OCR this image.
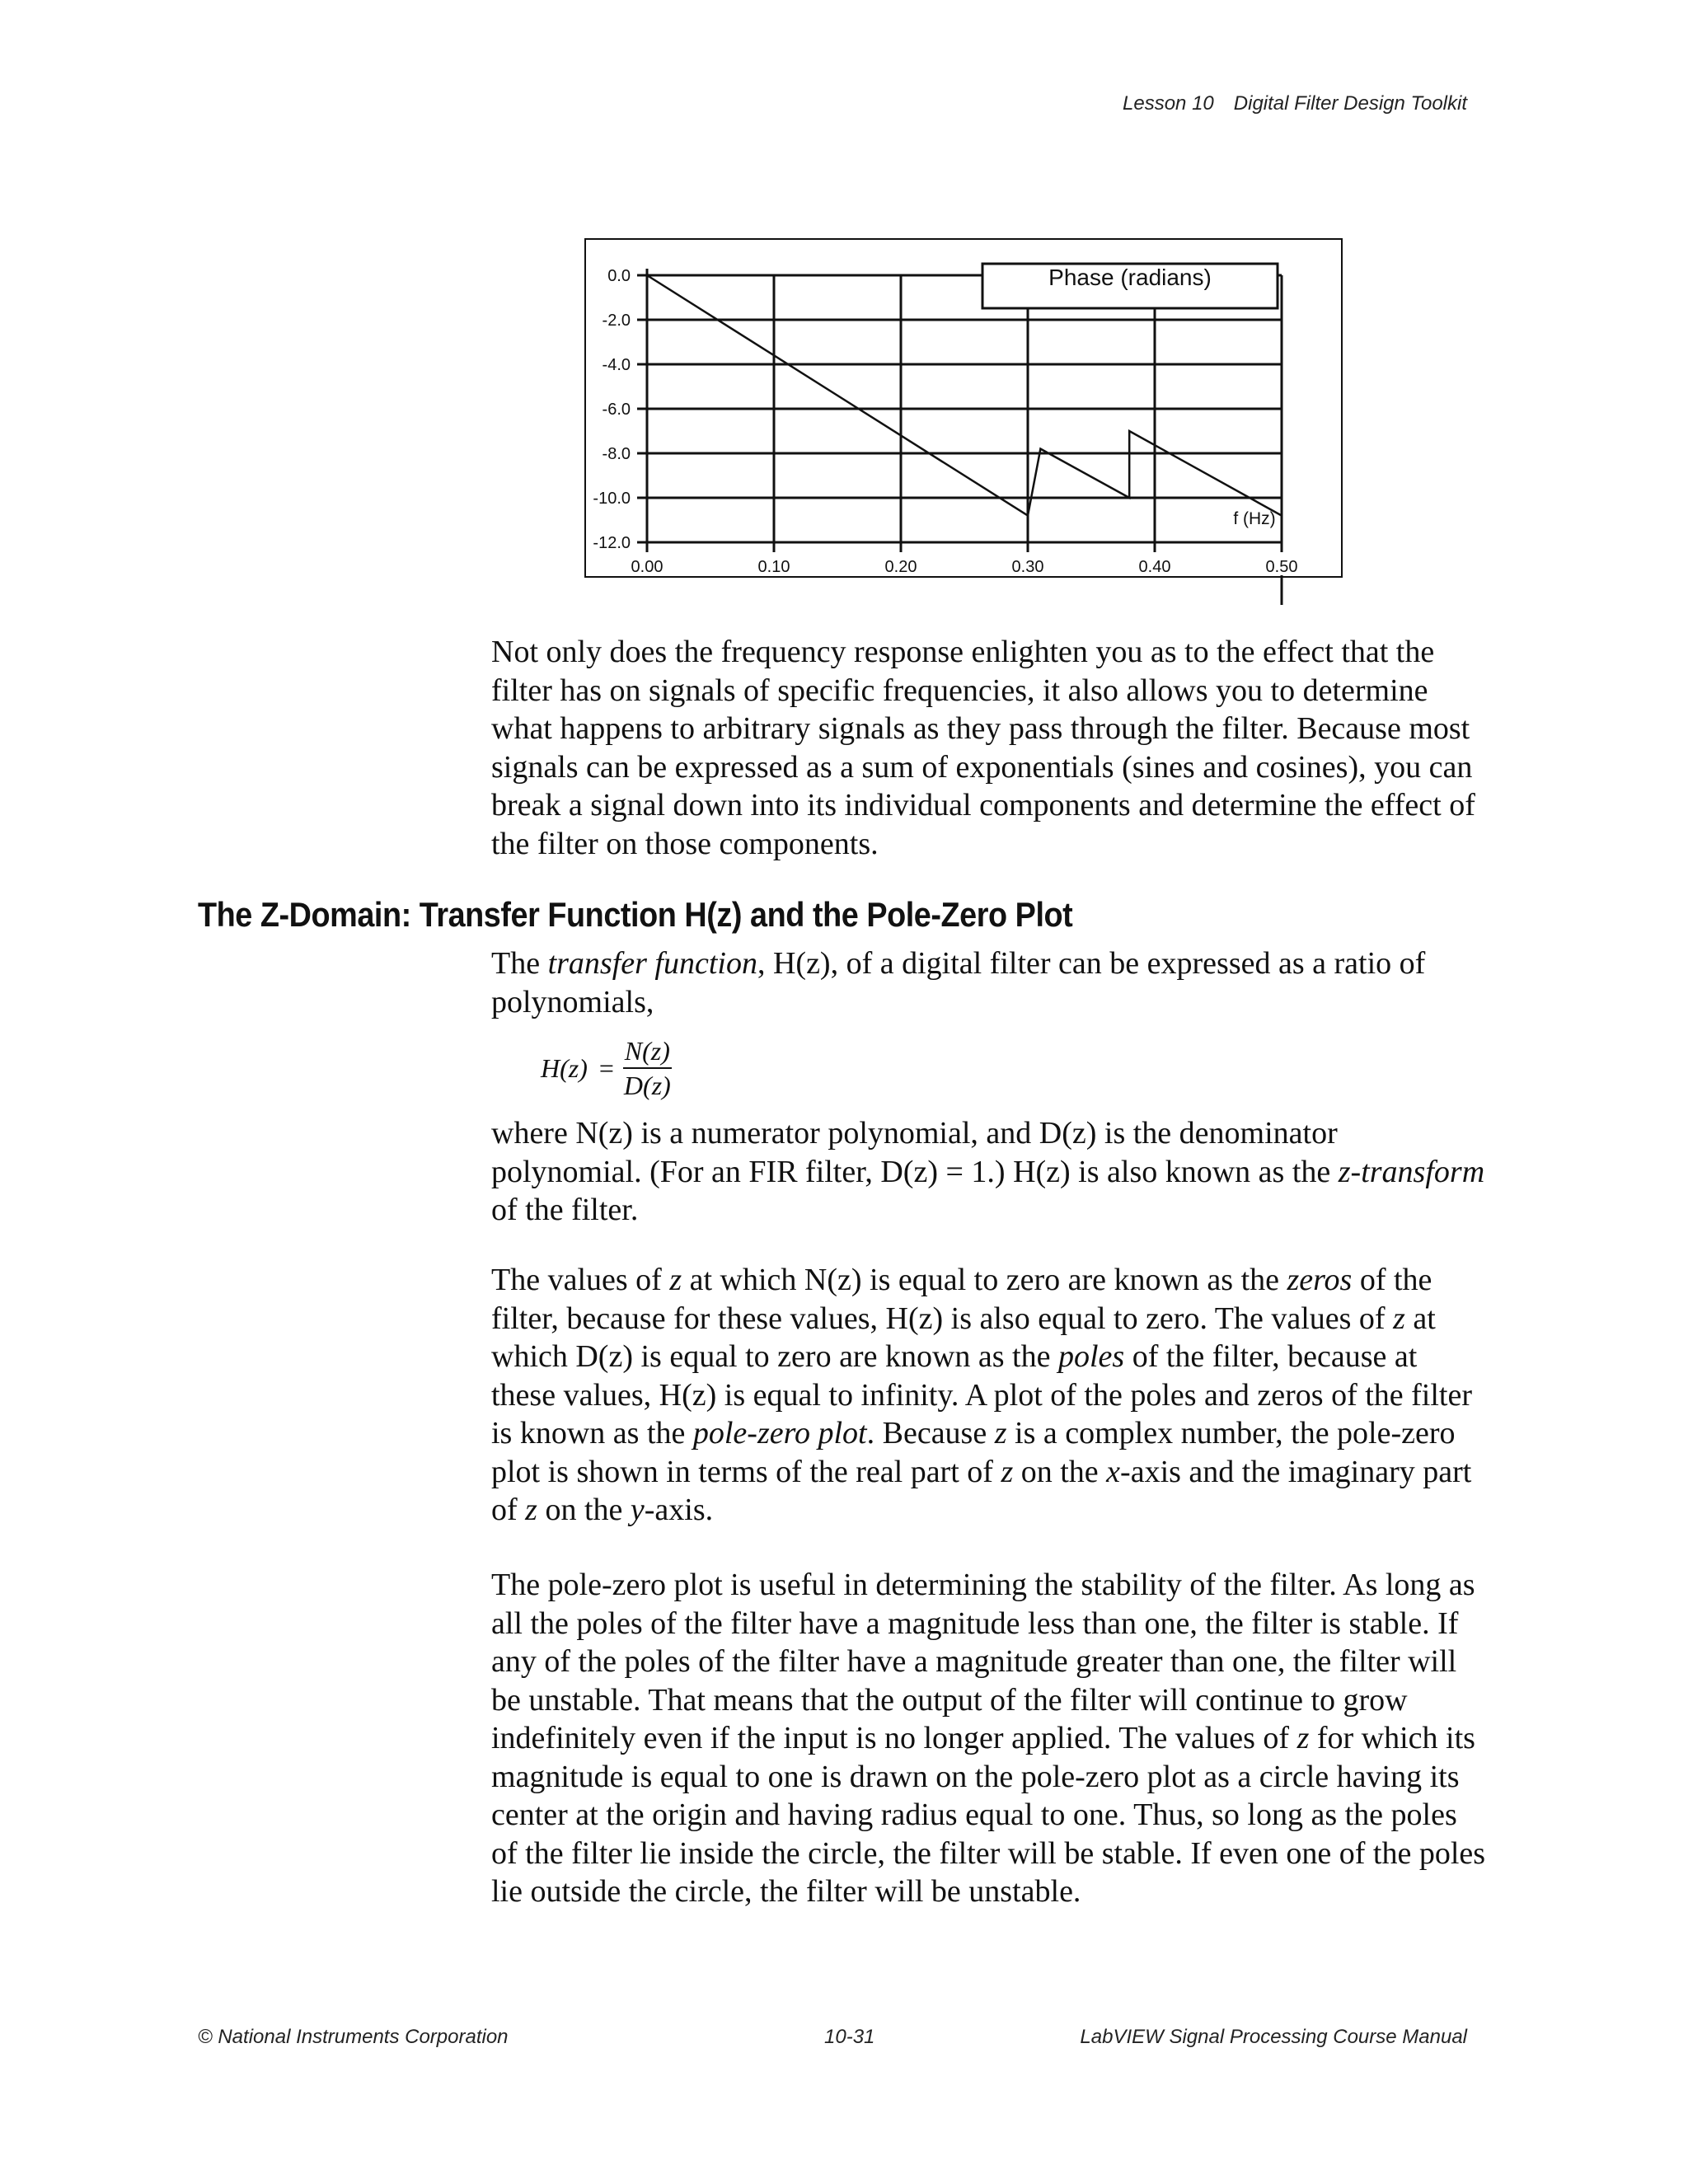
Lesson 10 Digital Filter Design Toolkit
0.0
-2.0
-4.0
-6.0
-8.0
-10.0
-12.0
0.00	0.10	0.20	0.30	0.40	0.50
Phase (radians)
f (Hz)

Not only does the frequency response enlighten you as to the effect that the filter has on signals of specific frequencies, it also allows you to determine what happens to arbitrary signals as they pass through the filter. Because most signals can be expressed as a sum of exponentials (sines and cosines), you can break a signal down into its individual components and determine the effect of the filter on those components.

The Z-Domain: Transfer Function H(z) and the Pole-Zero Plot

The transfer function, H(z), of a digital filter can be expressed as a ratio of polynomials,

$H(z) = \frac{N(z)}{D(z)}$

where N(z) is a numerator polynomial, and D(z) is the denominator polynomial. (For an FIR filter, D(z) = 1.) H(z) is also known as the z-transform of the filter.

The values of z at which N(z) is equal to zero are known as the zeros of the filter, because for these values, H(z) is also equal to zero. The values of z at which D(z) is equal to zero are known as the poles of the filter, because at these values, H(z) is equal to infinity. A plot of the poles and zeros of the filter is known as the pole-zero plot. Because z is a complex number, the pole-zero plot is shown in terms of the real part of z on the x-axis and the imaginary part of z on the y-axis.

The pole-zero plot is useful in determining the stability of the filter. As long as all the poles of the filter have a magnitude less than one, the filter is stable. If any of the poles of the filter have a magnitude greater than one, the filter will be unstable. That means that the output of the filter will continue to grow indefinitely even if the input is no longer applied. The values of z for which its magnitude is equal to one is drawn on the pole-zero plot as a circle having its center at the origin and having radius equal to one. Thus, so long as the poles of the filter lie inside the circle, the filter will be stable. If even one of the poles lie outside the circle, the filter will be unstable.

© National Instruments Corporation	10-31	LabVIEW Signal Processing Course Manual
